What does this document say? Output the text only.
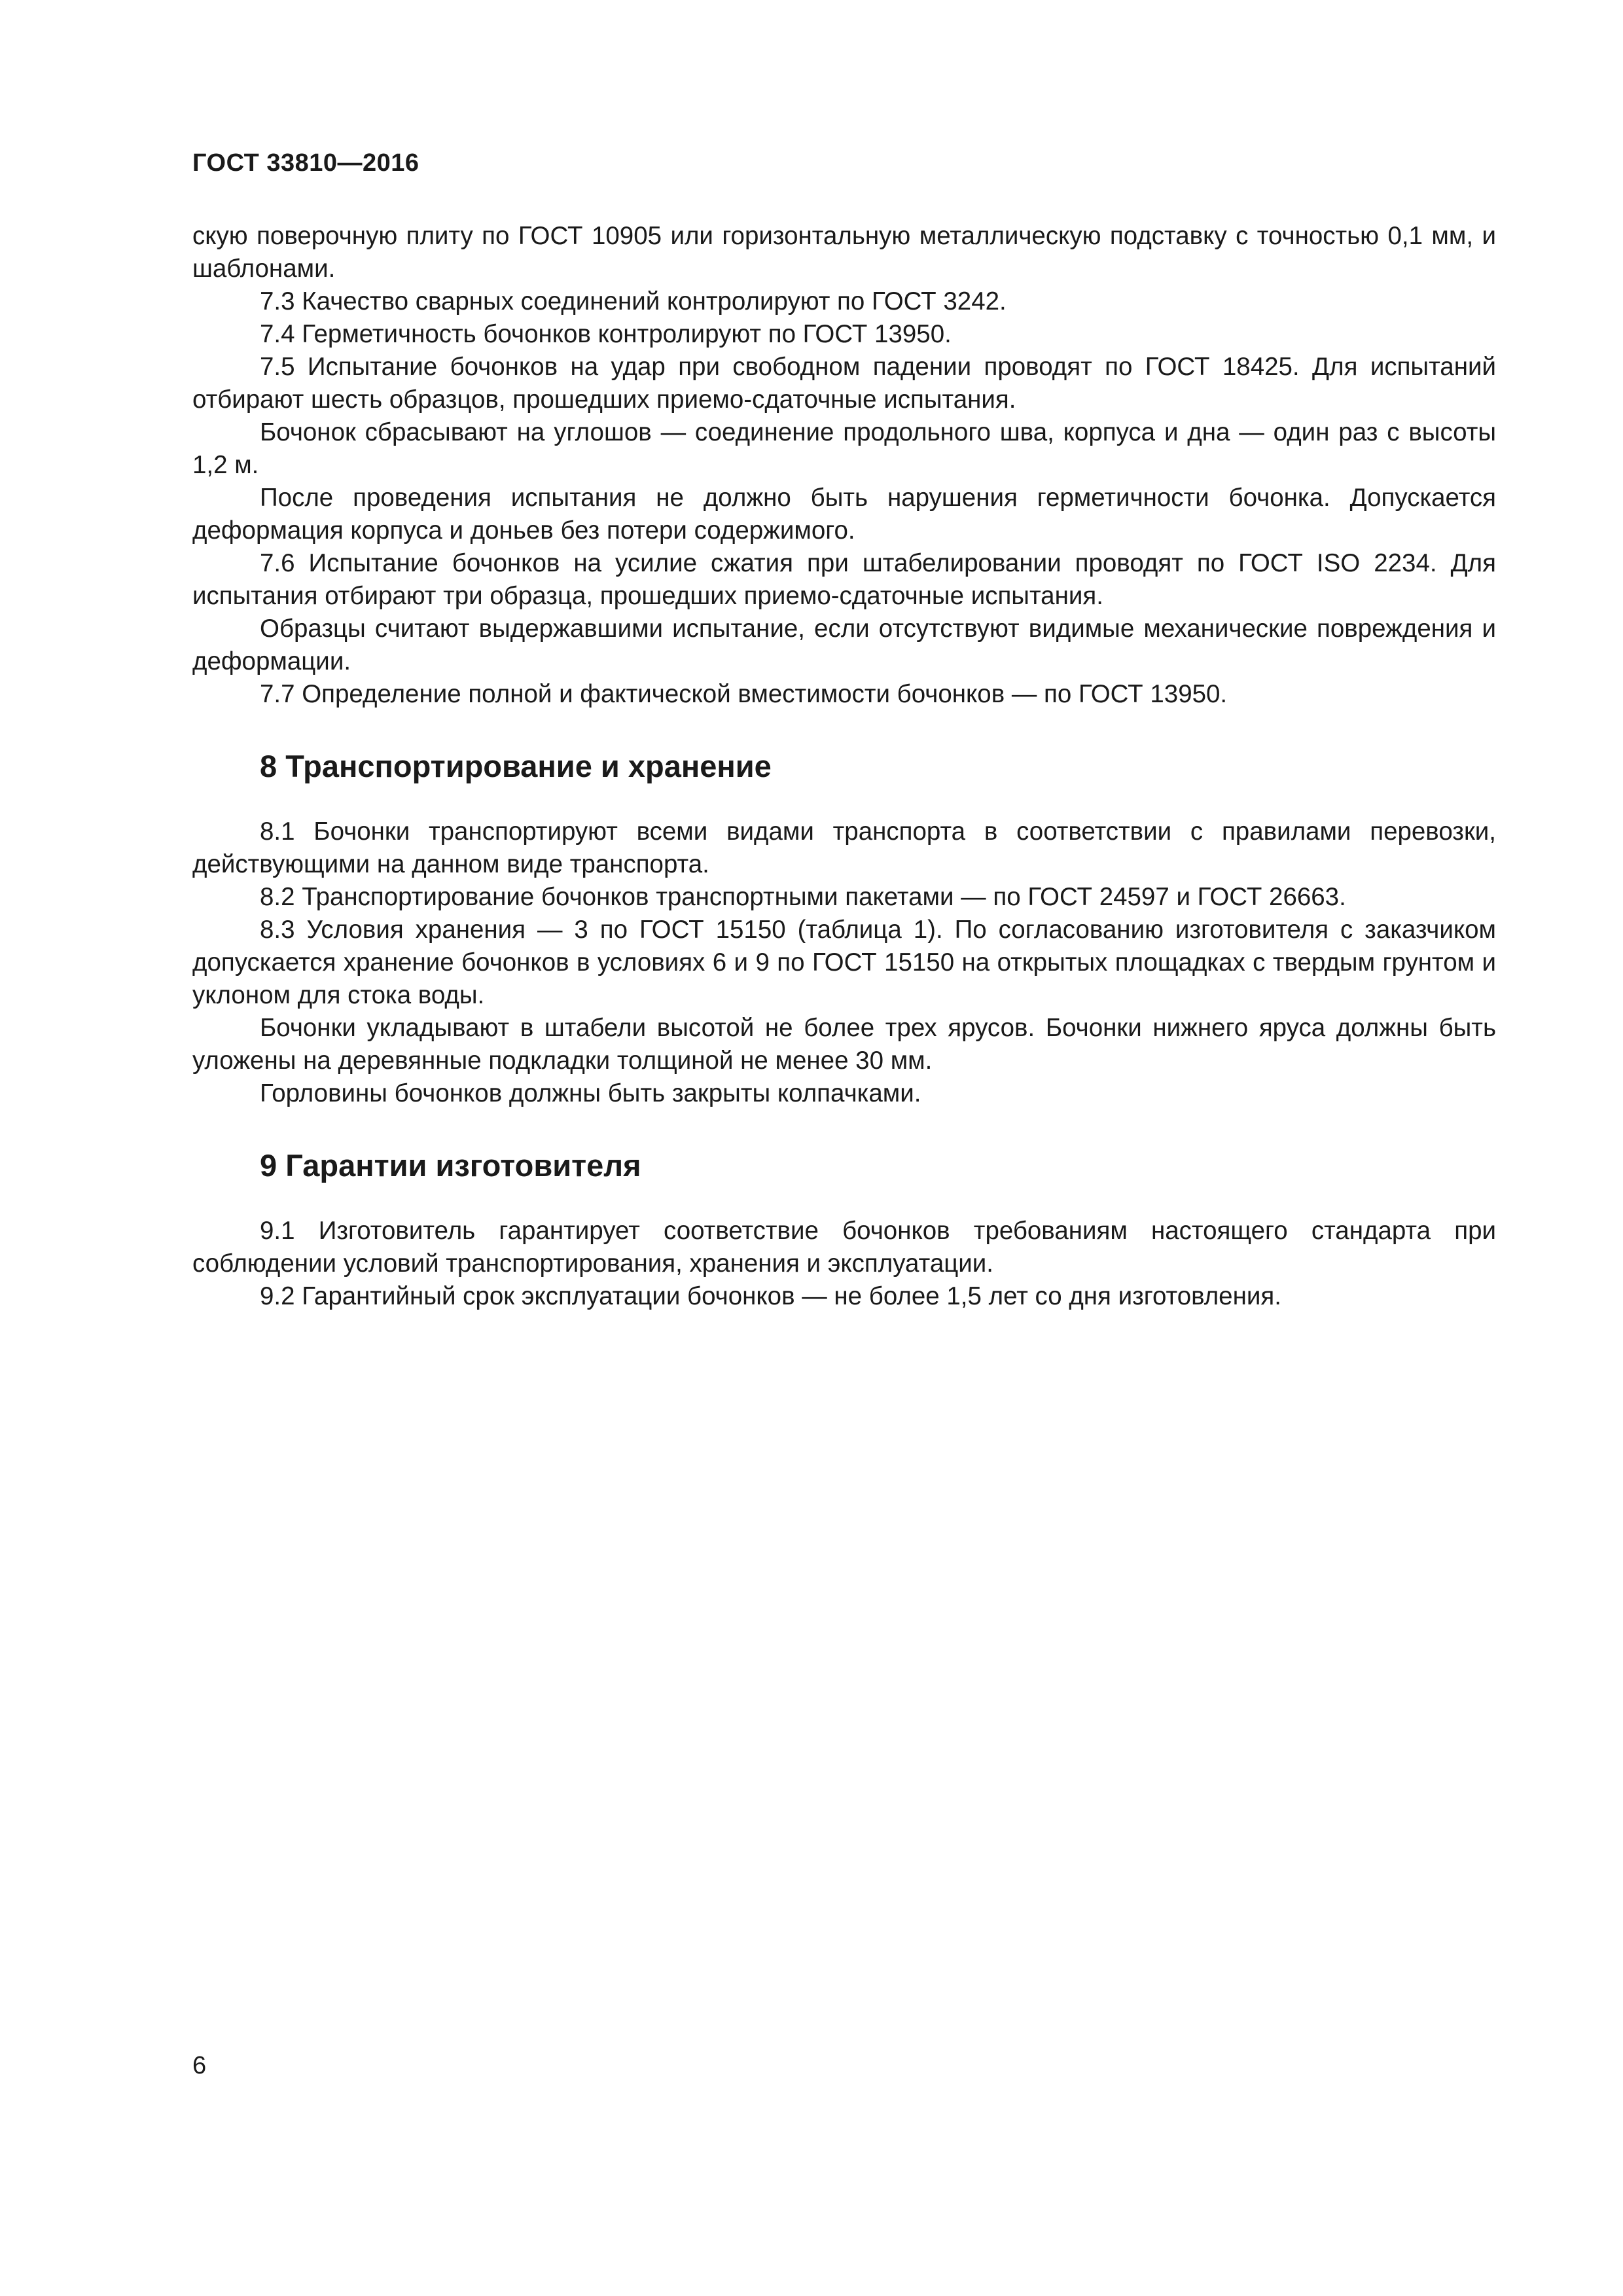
ГОСТ 33810—2016

скую поверочную плиту по ГОСТ 10905 или горизонтальную металлическую подставку с точностью 0,1 мм, и шаблонами.

7.3 Качество сварных соединений контролируют по ГОСТ 3242.

7.4 Герметичность бочонков контролируют по ГОСТ 13950.

7.5 Испытание бочонков на удар при свободном падении проводят по ГОСТ 18425. Для испытаний отбирают шесть образцов, прошедших приемо-сдаточные испытания.

Бочонок сбрасывают на углошов — соединение продольного шва, корпуса и дна — один раз с высоты 1,2 м.

После проведения испытания не должно быть нарушения герметичности бочонка. Допускается деформация корпуса и доньев без потери содержимого.

7.6 Испытание бочонков на усилие сжатия при штабелировании проводят по ГОСТ ISO 2234. Для испытания отбирают три образца, прошедших приемо-сдаточные испытания.

Образцы считают выдержавшими испытание, если отсутствуют видимые механические повреждения и деформации.

7.7 Определение полной и фактической вместимости бочонков — по ГОСТ 13950.

8 Транспортирование и хранение

8.1 Бочонки транспортируют всеми видами транспорта в соответствии с правилами перевозки, действующими на данном виде транспорта.

8.2 Транспортирование бочонков транспортными пакетами — по ГОСТ 24597 и ГОСТ 26663.

8.3 Условия хранения — 3 по ГОСТ 15150 (таблица 1). По согласованию изготовителя с заказчиком допускается хранение бочонков в условиях 6 и 9 по ГОСТ 15150 на открытых площадках с твердым грунтом и уклоном для стока воды.

Бочонки укладывают в штабели высотой не более трех ярусов. Бочонки нижнего яруса должны быть уложены на деревянные подкладки толщиной не менее 30 мм.

Горловины бочонков должны быть закрыты колпачками.

9 Гарантии изготовителя

9.1 Изготовитель гарантирует соответствие бочонков требованиям настоящего стандарта при соблюдении условий транспортирования, хранения и эксплуатации.

9.2 Гарантийный срок эксплуатации бочонков — не более 1,5 лет со дня изготовления.

6
